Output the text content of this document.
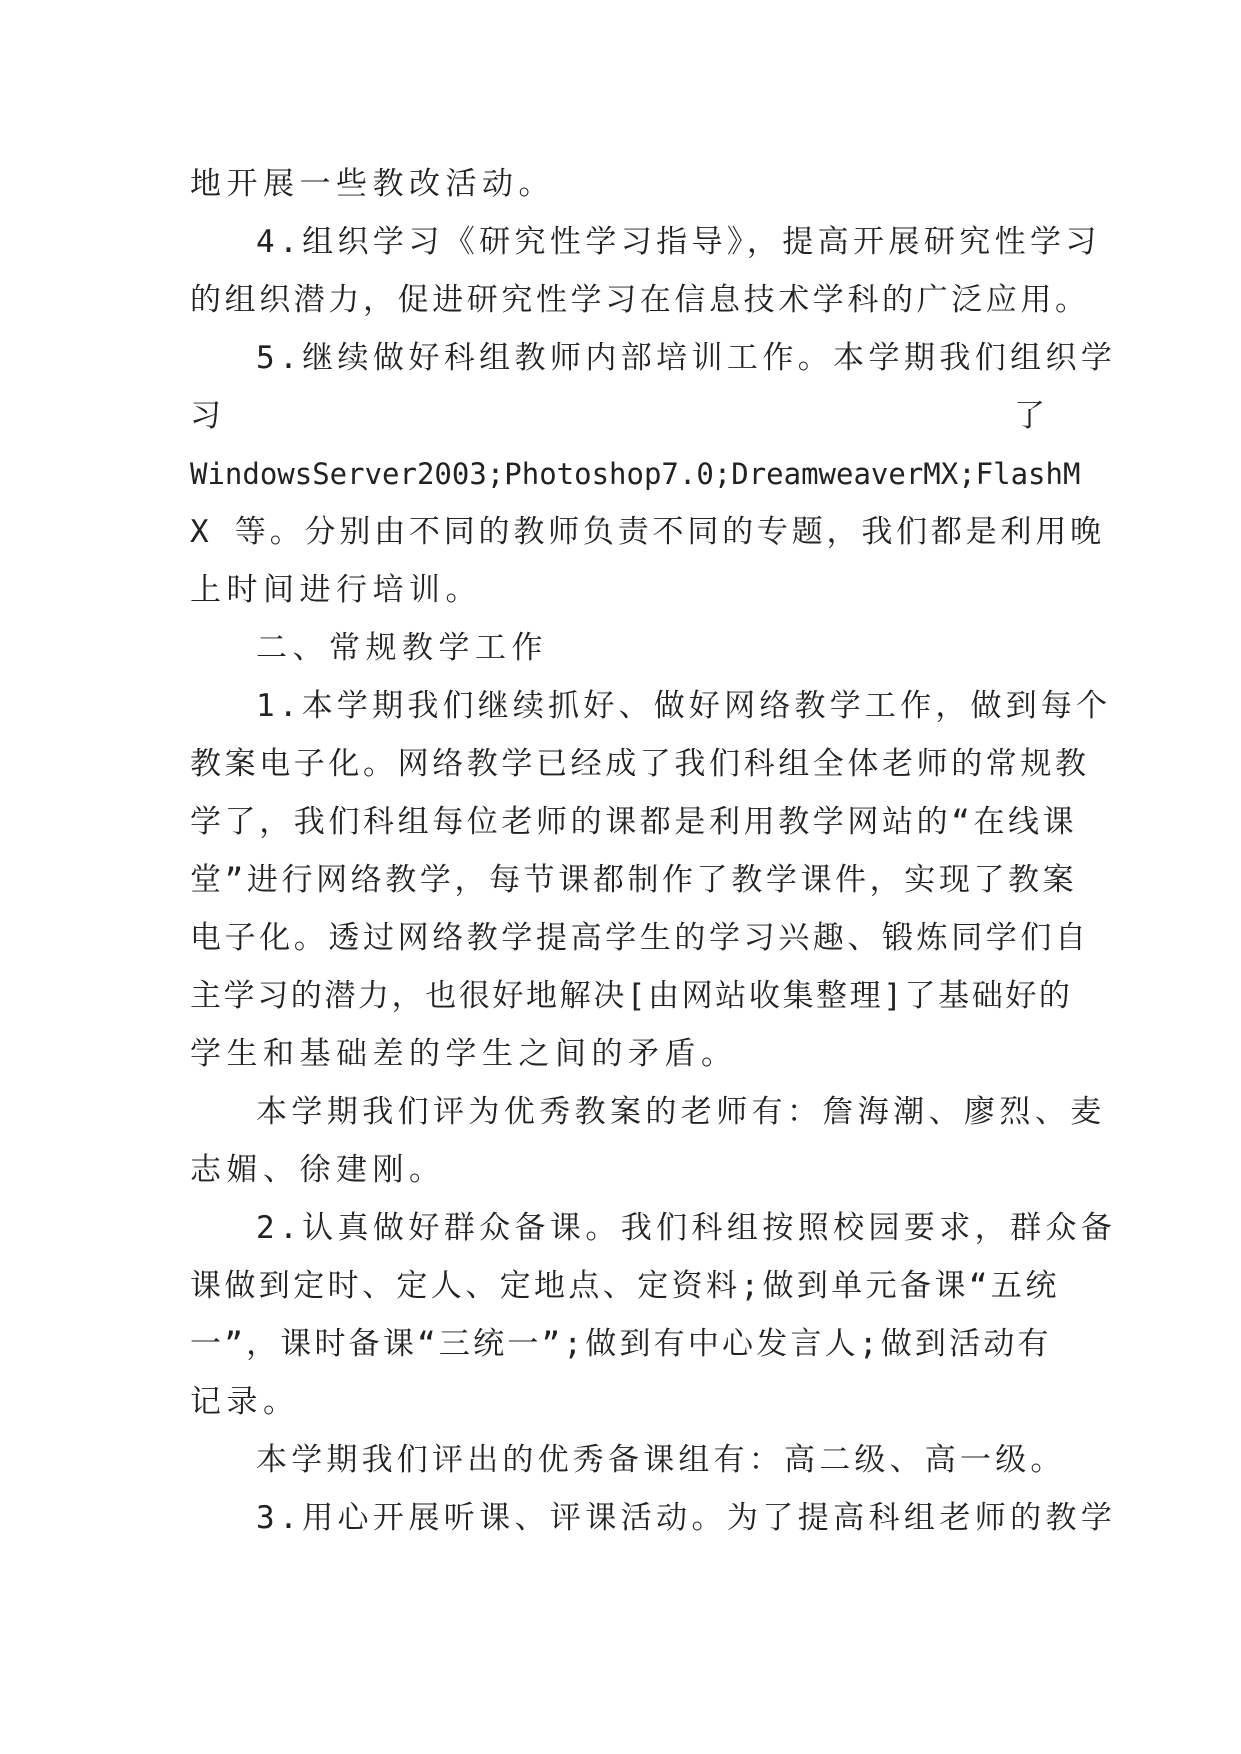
地开展一些教改活动。
4.组织学习《研究性学习指导》，提高开展研究性学习
的组织潜力，促进研究性学习在信息技术学科的广泛应用。
5.继续做好科组教师内部培训工作。本学期我们组织学
习	了
WindowsServer2003;Photoshop7.0;DreamweaverMX;FlashM
X 等。分别由不同的教师负责不同的专题，我们都是利用晚
上时间进行培训。
二、常规教学工作
1.本学期我们继续抓好、做好网络教学工作，做到每个
教案电子化。网络教学已经成了我们科组全体老师的常规教
学了，我们科组每位老师的课都是利用教学网站的“在线课
堂”进行网络教学，每节课都制作了教学课件，实现了教案
电子化。透过网络教学提高学生的学习兴趣、锻炼同学们自
主学习的潜力，也很好地解决[由网站收集整理]了基础好的
学生和基础差的学生之间的矛盾。
本学期我们评为优秀教案的老师有：詹海潮、廖烈、麦
志媚、徐建刚。
2.认真做好群众备课。我们科组按照校园要求，群众备
课做到定时、定人、定地点、定资料;做到单元备课“五统
一”，课时备课“三统一”;做到有中心发言人;做到活动有
记录。
本学期我们评出的优秀备课组有：高二级、高一级。
3.用心开展听课、评课活动。为了提高科组老师的教学
